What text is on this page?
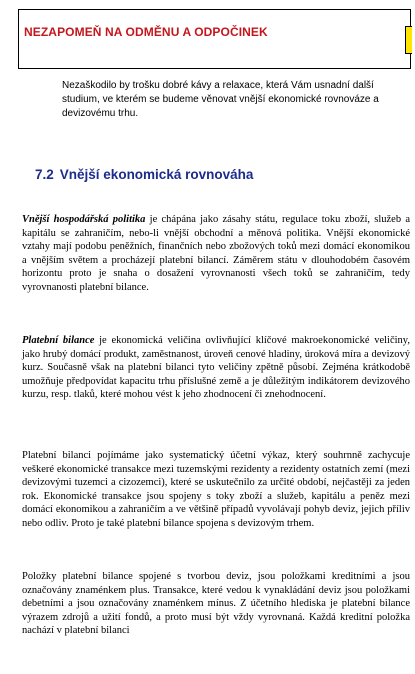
NEZAPOMEŇ NA ODMĚNU A ODPOČINEK

Nezaškodilo by trošku dobré kávy a relaxace, která Vám usnadní další studium, ve kterém se budeme věnovat vnější ekonomické rovnováze a devizovému trhu.

7.2 Vnější ekonomická rovnováha

Vnější hospodářská politika je chápána jako zásahy státu, regulace toku zboží, služeb a kapitálu se zahraničím, nebo-li vnější obchodní a měnová politika. Vnější ekonomické vztahy mají podobu peněžních, finančních nebo zbožových toků mezi domácí ekonomikou a vnějším světem a procházejí platební bilancí. Záměrem státu v dlouhodobém časovém horizontu proto je snaha o dosažení vyrovnanosti všech toků se zahraničím, tedy vyrovnanosti platební bilance.

Platební bilance je ekonomická veličina ovlivňující klíčové makroekonomické veličiny, jako hrubý domácí produkt, zaměstnanost, úroveň cenové hladiny, úroková míra a devizový kurz. Současně však na platební bilanci tyto veličiny zpětně působí. Zejména krátkodobě umožňuje předpovídat kapacitu trhu příslušné země a je důležitým indikátorem devizového kurzu, resp. tlaků, které mohou vést k jeho zhodnocení či znehodnocení.

Platební bilanci pojímáme jako systematický účetní výkaz, který souhrnně zachycuje veškeré ekonomické transakce mezi tuzemskými rezidenty a rezidenty ostatních zemí (mezi devizovými tuzemci a cizozemci), které se uskutečnilo za určité období, nejčastěji za jeden rok. Ekonomické transakce jsou spojeny s toky zboží a služeb, kapitálu a peněz mezi domácí ekonomikou a zahraničím a ve většině případů vyvolávají pohyb deviz, jejich příliv nebo odliv. Proto je také platební bilance spojena s devizovým trhem.

Položky platební bilance spojené s tvorbou deviz, jsou položkami kreditními a jsou označovány znaménkem plus. Transakce, které vedou k vynakládání deviz jsou položkami debetními a jsou označovány znaménkem mínus. Z účetního hlediska je platební bilance výrazem zdrojů a užití fondů, a proto musí být vždy vyrovnaná. Každá kreditní položka nachází v platební bilanci
